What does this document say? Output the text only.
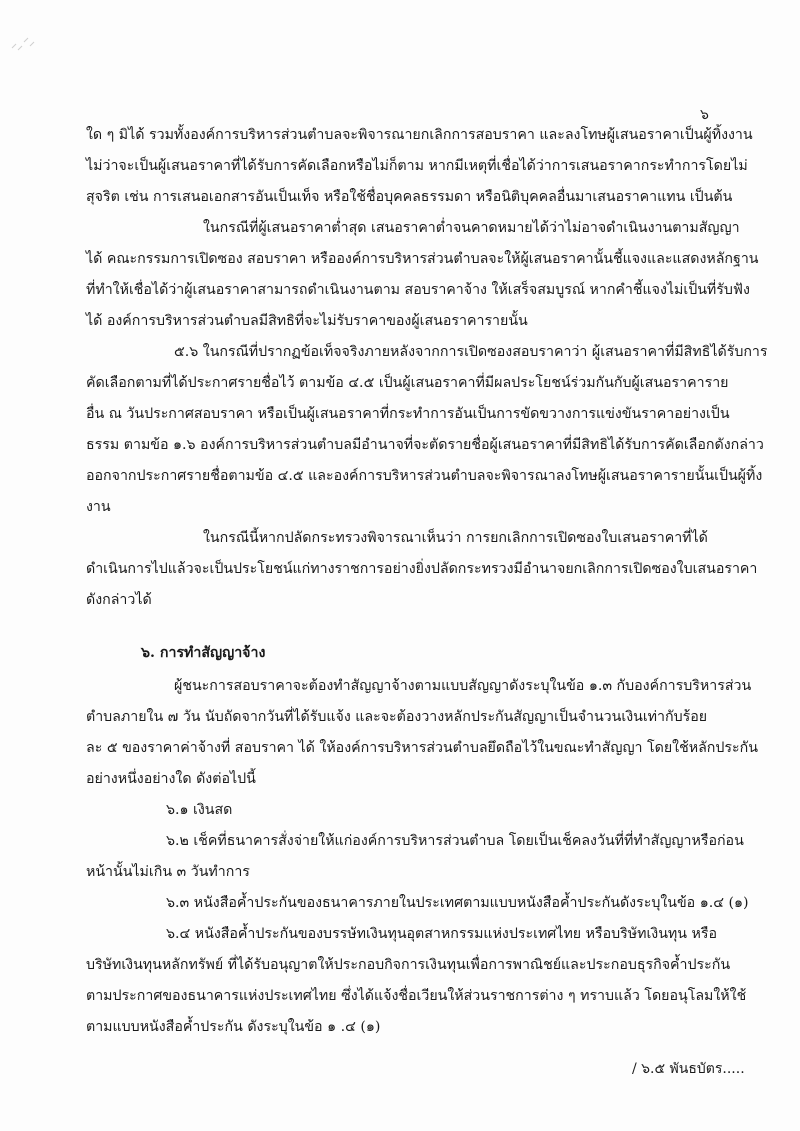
๖
ใด ๆ มิได้ รวมทั้งองค์การบริหารส่วนตำบลจะพิจารณายกเลิกการสอบราคา และลงโทษผู้เสนอราคาเป็นผู้ทิ้งงาน
ไม่ว่าจะเป็นผู้เสนอราคาที่ได้รับการคัดเลือกหรือไม่ก็ตาม หากมีเหตุที่เชื่อได้ว่าการเสนอราคากระทำการโดยไม่
สุจริต เช่น การเสนอเอกสารอันเป็นเท็จ หรือใช้ชื่อบุคคลธรรมดา หรือนิติบุคคลอื่นมาเสนอราคาแทน เป็นต้น
ในกรณีที่ผู้เสนอราคาต่ำสุด เสนอราคาต่ำจนคาดหมายได้ว่าไม่อาจดำเนินงานตามสัญญา
ได้ คณะกรรมการเปิดซอง สอบราคา หรือองค์การบริหารส่วนตำบลจะให้ผู้เสนอราคานั้นชี้แจงและแสดงหลักฐาน
ที่ทำให้เชื่อได้ว่าผู้เสนอราคาสามารถดำเนินงานตาม สอบราคาจ้าง ให้เสร็จสมบูรณ์ หากคำชี้แจงไม่เป็นที่รับฟัง
ได้ องค์การบริหารส่วนตำบลมีสิทธิที่จะไม่รับราคาของผู้เสนอราคารายนั้น
๕.๖ ในกรณีที่ปรากฏข้อเท็จจริงภายหลังจากการเปิดซองสอบราคาว่า ผู้เสนอราคาที่มีสิทธิได้รับการ
คัดเลือกตามที่ได้ประกาศรายชื่อไว้ ตามข้อ ๔.๕ เป็นผู้เสนอราคาที่มีผลประโยชน์ร่วมกันกับผู้เสนอราคาราย
อื่น ณ วันประกาศสอบราคา หรือเป็นผู้เสนอราคาที่กระทำการอันเป็นการขัดขวางการแข่งขันราคาอย่างเป็น
ธรรม ตามข้อ ๑.๖ องค์การบริหารส่วนตำบลมีอำนาจที่จะตัดรายชื่อผู้เสนอราคาที่มีสิทธิได้รับการคัดเลือกดังกล่าว
ออกจากประกาศรายชื่อตามข้อ ๔.๕ และองค์การบริหารส่วนตำบลจะพิจารณาลงโทษผู้เสนอราคารายนั้นเป็นผู้ทิ้ง
งาน
ในกรณีนี้หากปลัดกระทรวงพิจารณาเห็นว่า การยกเลิกการเปิดซองใบเสนอราคาที่ได้
ดำเนินการไปแล้วจะเป็นประโยชน์แก่ทางราชการอย่างยิ่งปลัดกระทรวงมีอำนาจยกเลิกการเปิดซองใบเสนอราคา
ดังกล่าวได้
๖. การทำสัญญาจ้าง
ผู้ชนะการสอบราคาจะต้องทำสัญญาจ้างตามแบบสัญญาดังระบุในข้อ ๑.๓ กับองค์การบริหารส่วน
ตำบลภายใน ๗ วัน นับถัดจากวันที่ได้รับแจ้ง และจะต้องวางหลักประกันสัญญาเป็นจำนวนเงินเท่ากับร้อย
ละ ๕ ของราคาค่าจ้างที่ สอบราคา ได้ ให้องค์การบริหารส่วนตำบลยึดถือไว้ในขณะทำสัญญา โดยใช้หลักประกัน
อย่างหนึ่งอย่างใด ดังต่อไปนี้
๖.๑ เงินสด
๖.๒ เช็คที่ธนาคารสั่งจ่ายให้แก่องค์การบริหารส่วนตำบล โดยเป็นเช็คลงวันที่ที่ทำสัญญาหรือก่อน
หน้านั้นไม่เกิน ๓ วันทำการ
๖.๓ หนังสือค้ำประกันของธนาคารภายในประเทศตามแบบหนังสือค้ำประกันดังระบุในข้อ ๑.๔ (๑)
๖.๔ หนังสือค้ำประกันของบรรษัทเงินทุนอุตสาหกรรมแห่งประเทศไทย หรือบริษัทเงินทุน หรือ
บริษัทเงินทุนหลักทรัพย์ ที่ได้รับอนุญาตให้ประกอบกิจการเงินทุนเพื่อการพาณิชย์และประกอบธุรกิจค้ำประกัน
ตามประกาศของธนาคารแห่งประเทศไทย ซึ่งได้แจ้งชื่อเวียนให้ส่วนราชการต่าง ๆ ทราบแล้ว โดยอนุโลมให้ใช้
ตามแบบหนังสือค้ำประกัน ดังระบุในข้อ ๑ .๔ (๑)
/ ๖.๕ พันธบัตร.....
